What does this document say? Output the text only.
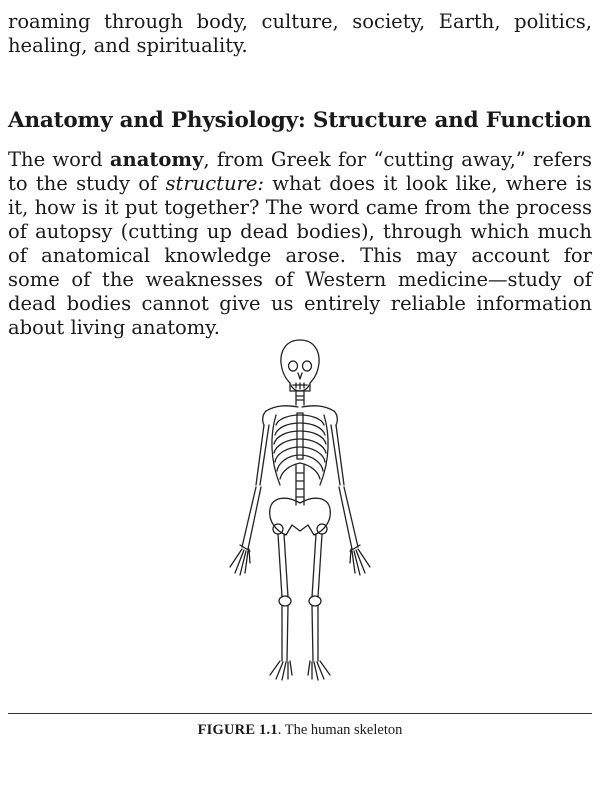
roaming through body, culture, society, Earth, politics, healing, and spirituality.

Anatomy and Physiology: Structure and Function

The word anatomy, from Greek for “cutting away,” refers to the study of structure: what does it look like, where is it, how is it put together? The word came from the process of autopsy (cutting up dead bodies), through which much of anatomical knowledge arose. This may account for some of the weaknesses of Western medicine—study of dead bodies cannot give us entirely reliable information about living anatomy.

FIGURE 1.1. The human skeleton
